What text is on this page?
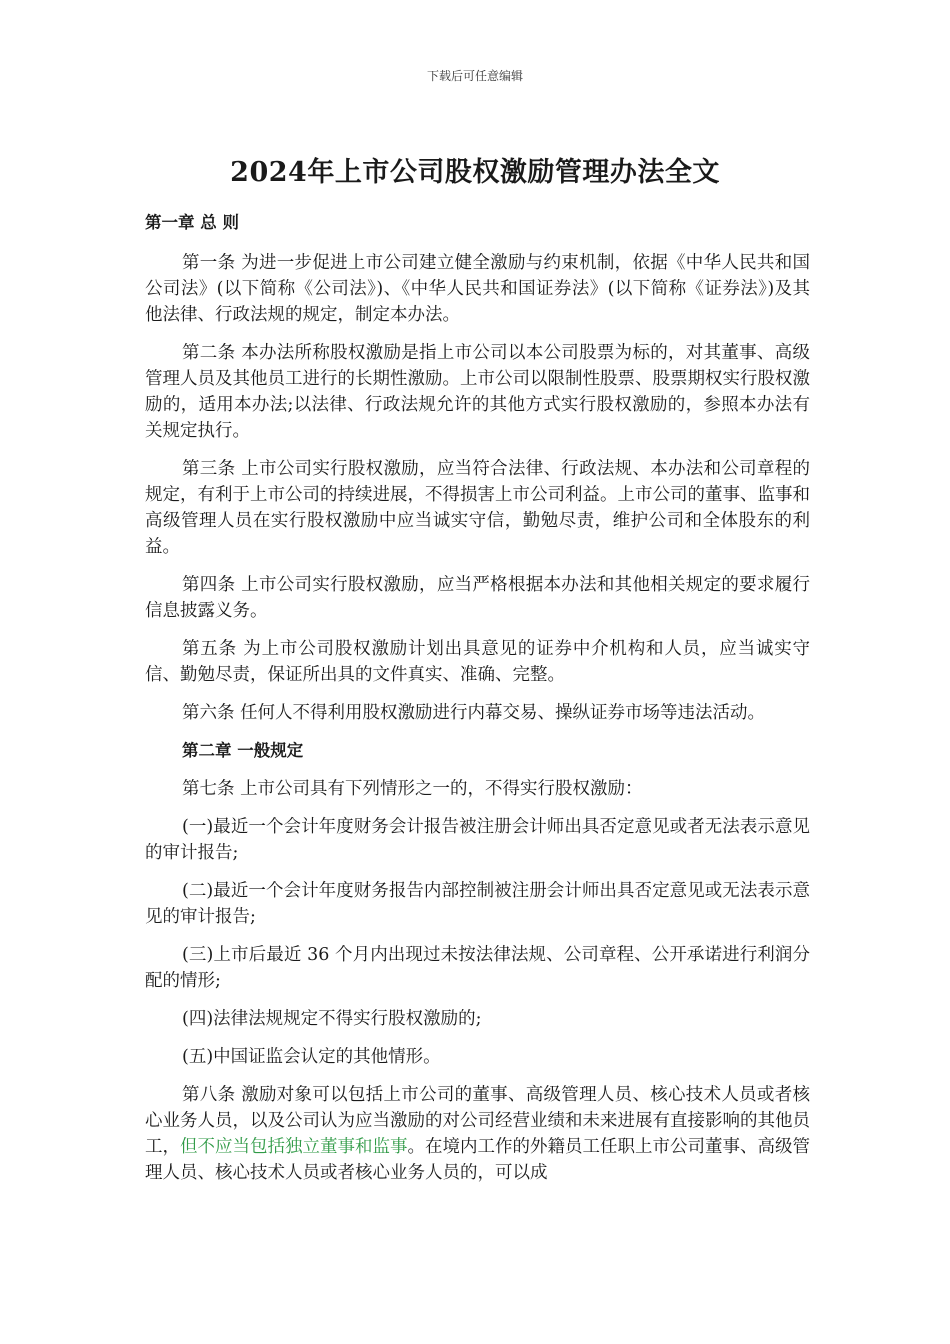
下载后可任意编辑
2024年上市公司股权激励管理办法全文

第一章 总 则

第一条 为进一步促进上市公司建立健全激励与约束机制，依据《中华人民共和国公司法》(以下简称《公司法》)、《中华人民共和国证券法》(以下简称《证券法》)及其他法律、行政法规的规定，制定本办法。

第二条 本办法所称股权激励是指上市公司以本公司股票为标的，对其董事、高级管理人员及其他员工进行的长期性激励。上市公司以限制性股票、股票期权实行股权激励的，适用本办法;以法律、行政法规允许的其他方式实行股权激励的，参照本办法有关规定执行。

第三条 上市公司实行股权激励，应当符合法律、行政法规、本办法和公司章程的规定，有利于上市公司的持续进展，不得损害上市公司利益。上市公司的董事、监事和高级管理人员在实行股权激励中应当诚实守信，勤勉尽责，维护公司和全体股东的利益。

第四条 上市公司实行股权激励，应当严格根据本办法和其他相关规定的要求履行信息披露义务。

第五条 为上市公司股权激励计划出具意见的证券中介机构和人员，应当诚实守信、勤勉尽责，保证所出具的文件真实、准确、完整。

第六条 任何人不得利用股权激励进行内幕交易、操纵证券市场等违法活动。

第二章 一般规定

第七条 上市公司具有下列情形之一的，不得实行股权激励：

(一)最近一个会计年度财务会计报告被注册会计师出具否定意见或者无法表示意见的审计报告;

(二)最近一个会计年度财务报告内部控制被注册会计师出具否定意见或无法表示意见的审计报告;

(三)上市后最近 36 个月内出现过未按法律法规、公司章程、公开承诺进行利润分配的情形;

(四)法律法规规定不得实行股权激励的;

(五)中国证监会认定的其他情形。

第八条 激励对象可以包括上市公司的董事、高级管理人员、核心技术人员或者核心业务人员，以及公司认为应当激励的对公司经营业绩和未来进展有直接影响的其他员工，但不应当包括独立董事和监事。在境内工作的外籍员工任职上市公司董事、高级管理人员、核心技术人员或者核心业务人员的，可以成
